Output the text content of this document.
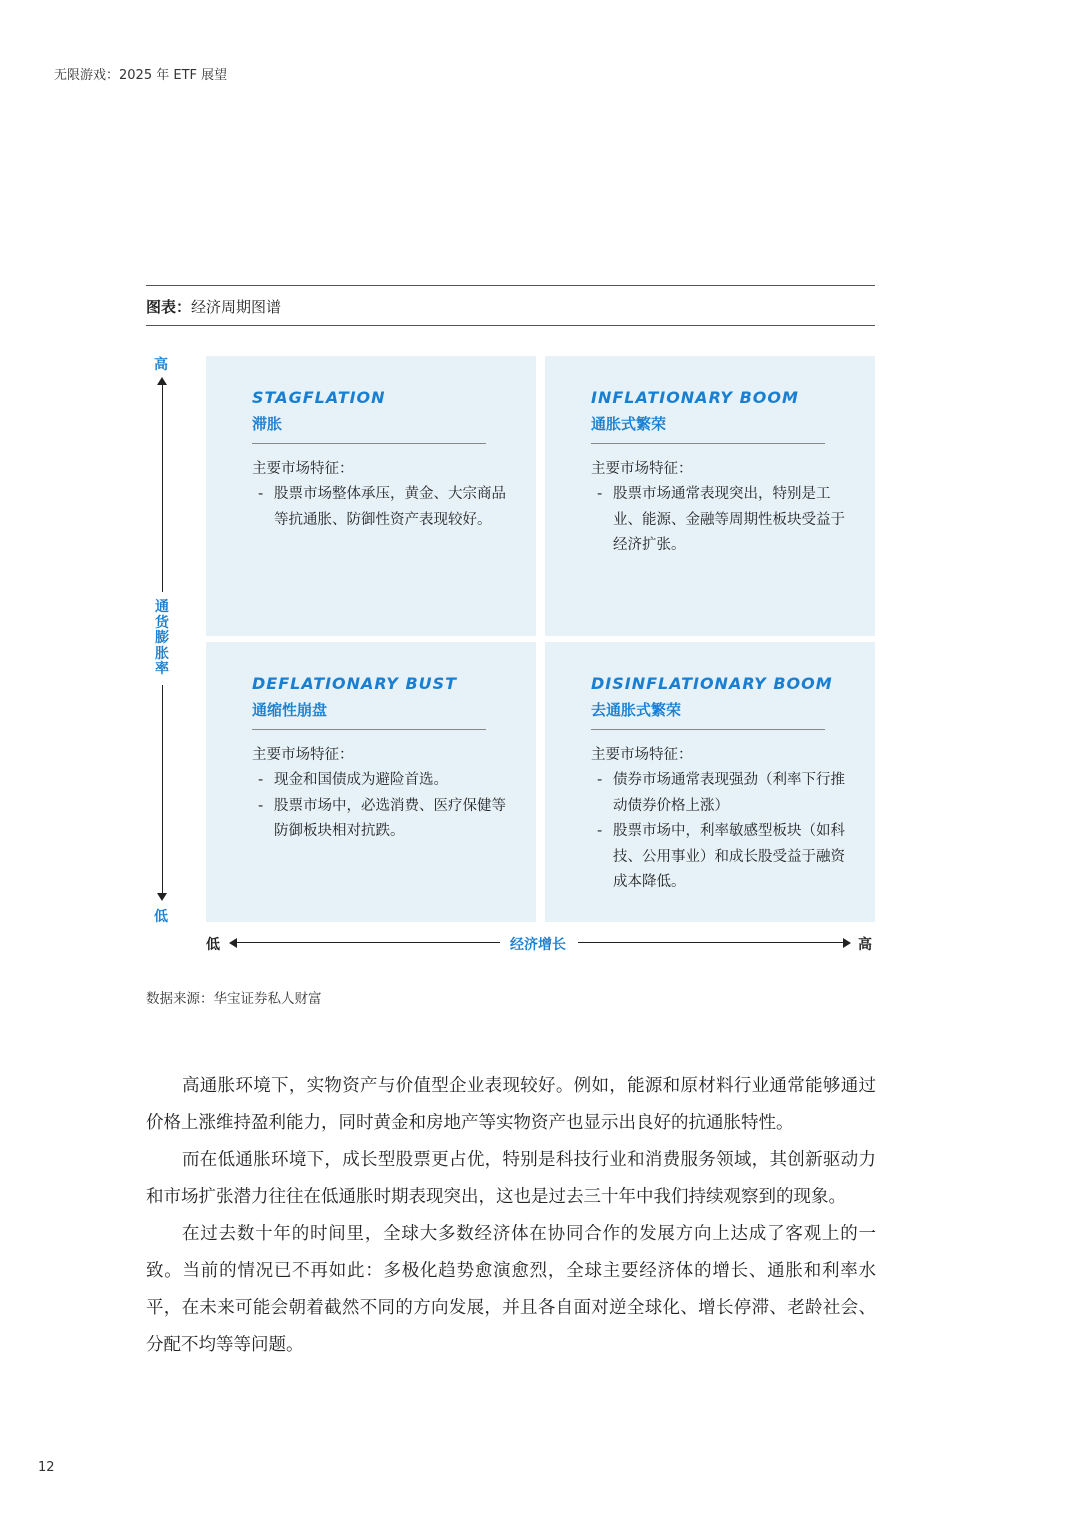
无限游戏：2025 年 ETF 展望
图表：经济周期图谱
高
通货膨胀率
低
STAGFLATION
滞胀
主要市场特征：
- 股票市场整体承压，黄金、大宗商品等抗通胀、防御性资产表现较好。
INFLATIONARY BOOM
通胀式繁荣
主要市场特征：
- 股票市场通常表现突出，特别是工业、能源、金融等周期性板块受益于经济扩张。
DEFLATIONARY BUST
通缩性崩盘
主要市场特征：
- 现金和国债成为避险首选。
- 股票市场中，必选消费、医疗保健等防御板块相对抗跌。
DISINFLATIONARY BOOM
去通胀式繁荣
主要市场特征：
- 债券市场通常表现强劲（利率下行推动债券价格上涨）
- 股票市场中，利率敏感型板块（如科技、公用事业）和成长股受益于融资成本降低。
低	经济增长	高
数据来源：华宝证券私人财富

高通胀环境下，实物资产与价值型企业表现较好。例如，能源和原材料行业通常能够通过价格上涨维持盈利能力，同时黄金和房地产等实物资产也显示出良好的抗通胀特性。

而在低通胀环境下，成长型股票更占优，特别是科技行业和消费服务领域，其创新驱动力和市场扩张潜力往往在低通胀时期表现突出，这也是过去三十年中我们持续观察到的现象。

在过去数十年的时间里，全球大多数经济体在协同合作的发展方向上达成了客观上的一致。当前的情况已不再如此：多极化趋势愈演愈烈，全球主要经济体的增长、通胀和利率水平，在未来可能会朝着截然不同的方向发展，并且各自面对逆全球化、增长停滞、老龄社会、分配不均等等问题。

12
